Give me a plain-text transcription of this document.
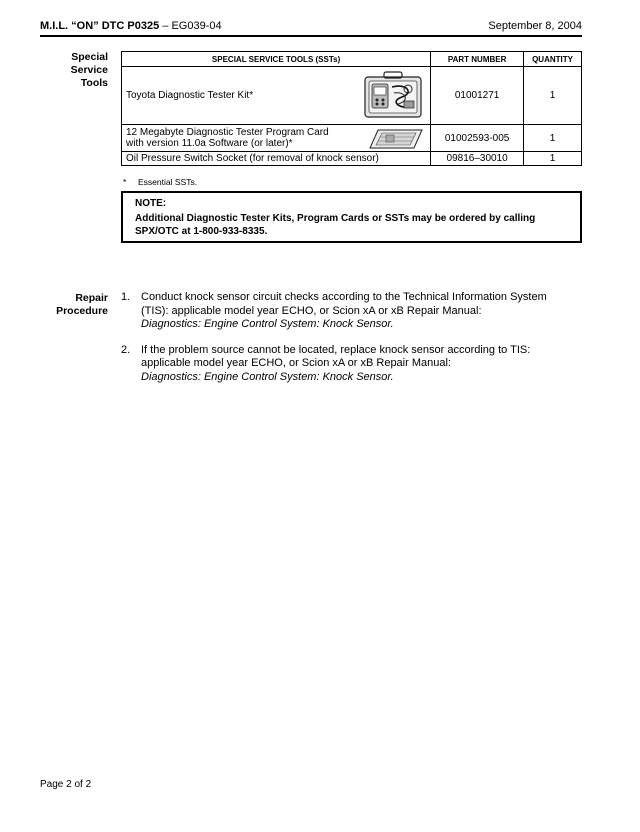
M.I.L. “ON” DTC P0325 – EG039-04	September 8, 2004
Special
Service
Tools
SPECIAL SERVICE TOOLS (SSTs)	PART NUMBER	QUANTITY
Toyota Diagnostic Tester Kit*	01001271	1

12 Megabyte Diagnostic Tester Program Card
with version 11.0a Software (or later)*	01002593-005	1
Oil Pressure Switch Socket (for removal of knock sensor)	09816–30010	1
* Essential SSTs.
NOTE:
Additional Diagnostic Tester Kits, Program Cards or SSTs may be ordered by calling
SPX/OTC at 1-800-933-8335.
Repair
Procedure
1. Conduct knock sensor circuit checks according to the Technical Information System
(TIS): applicable model year ECHO, or Scion xA or xB Repair Manual:
Diagnostics: Engine Control System: Knock Sensor.
2. If the problem source cannot be located, replace knock sensor according to TIS:
applicable model year ECHO, or Scion xA or xB Repair Manual:
Diagnostics: Engine Control System: Knock Sensor.
Page 2 of 2
